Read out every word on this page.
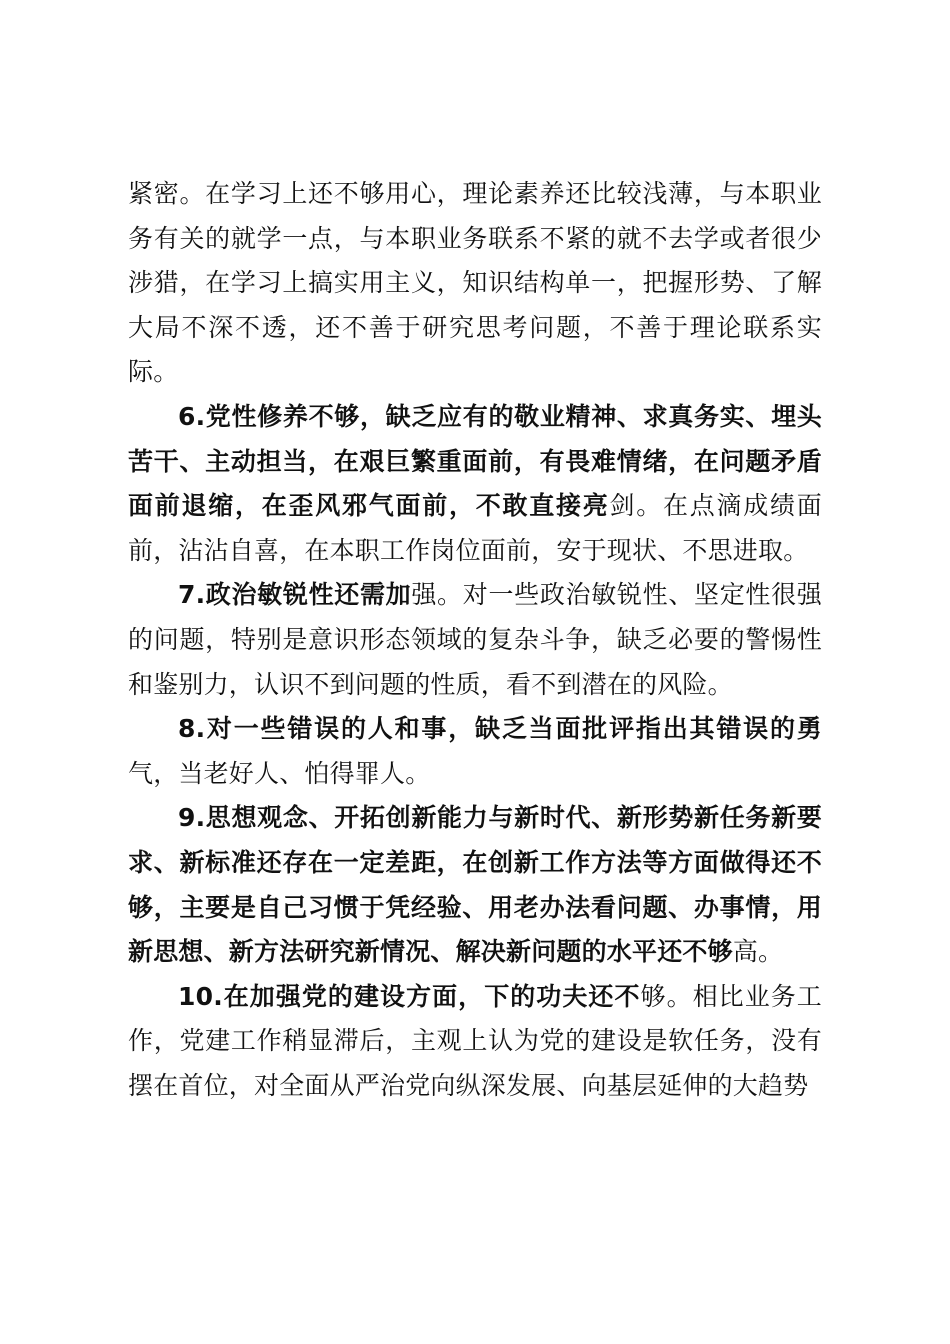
紧密。在学习上还不够用心，理论素养还比较浅薄，与本职业务有关的就学一点，与本职业务联系不紧的就不去学或者很少涉猎，在学习上搞实用主义，知识结构单一，把握形势、了解大局不深不透，还不善于研究思考问题，不善于理论联系实际。

6.党性修养不够，缺乏应有的敬业精神、求真务实、埋头苦干、主动担当，在艰巨繁重面前，有畏难情绪，在问题矛盾面前退缩，在歪风邪气面前，不敢直接亮剑。在点滴成绩面前，沾沾自喜，在本职工作岗位面前，安于现状、不思进取。

7.政治敏锐性还需加强。对一些政治敏锐性、坚定性很强的问题，特别是意识形态领域的复杂斗争，缺乏必要的警惕性和鉴别力，认识不到问题的性质，看不到潜在的风险。

8.对一些错误的人和事，缺乏当面批评指出其错误的勇气，当老好人、怕得罪人。

9.思想观念、开拓创新能力与新时代、新形势新任务新要求、新标准还存在一定差距，在创新工作方法等方面做得还不够，主要是自己习惯于凭经验、用老办法看问题、办事情，用新思想、新方法研究新情况、解决新问题的水平还不够高。

10.在加强党的建设方面，下的功夫还不够。相比业务工作，党建工作稍显滞后，主观上认为党的建设是软任务，没有摆在首位，对全面从严治党向纵深发展、向基层延伸的大趋势
